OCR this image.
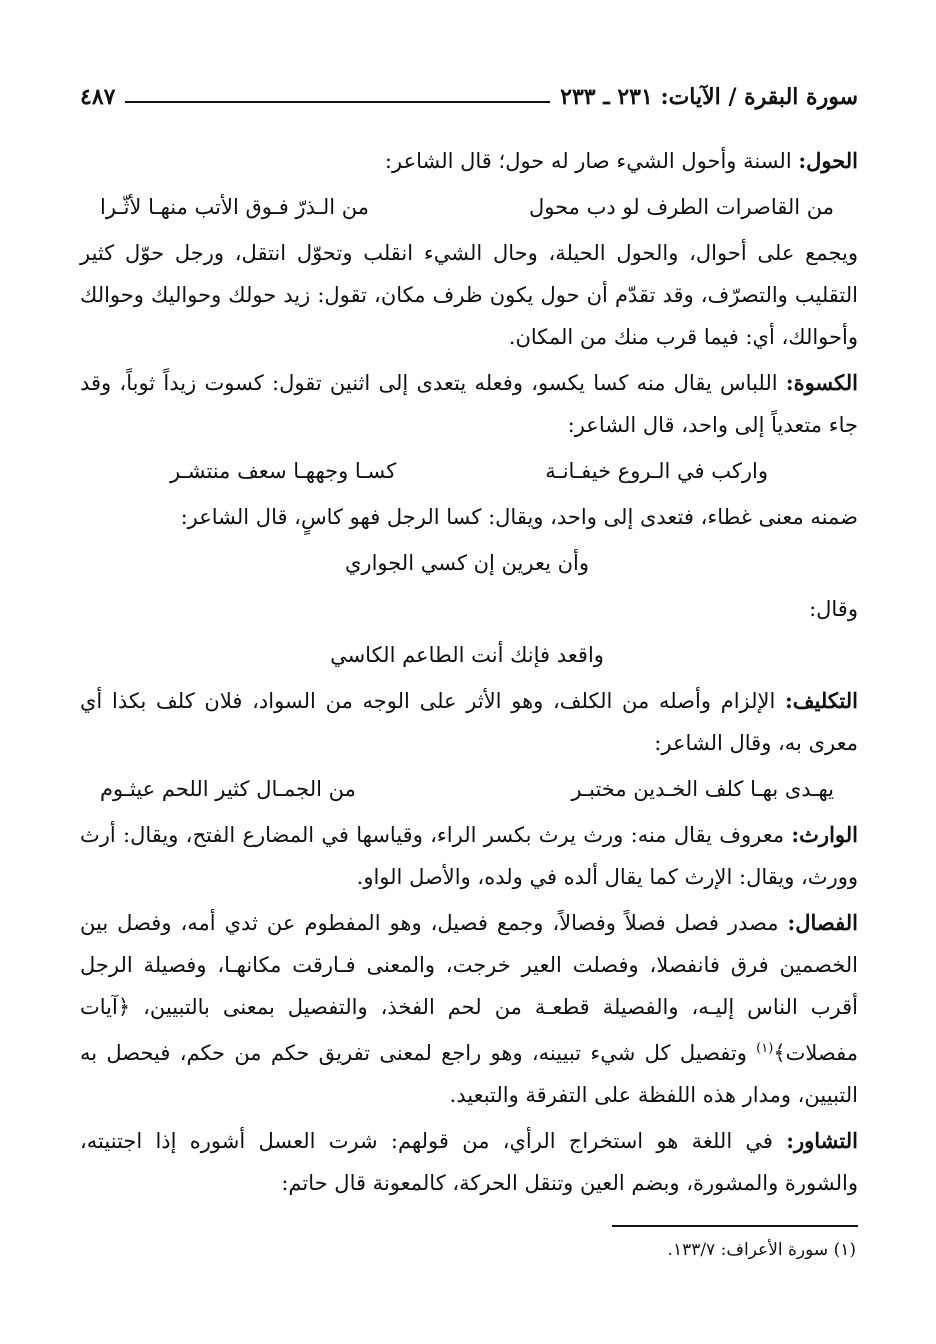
سورة البقرة / الآيات: ٢٣١ ـ ٢٣٣
٤٨٧

الحول: السنة وأحول الشيء صار له حول؛ قال الشاعر:

من القاصرات الطرف لو دب محول
من الـذرّ فـوق الأتب منهـا لأثّـرا

ويجمع على أحوال، والحول الحيلة، وحال الشيء انقلب وتحوّل انتقل، ورجل حوّل كثير التقليب والتصرّف، وقد تقدّم أن حول يكون ظرف مكان، تقول: زيد حولك وحواليك وحوالك وأحوالك، أي: فيما قرب منك من المكان.

الكسوة: اللباس يقال منه كسا يكسو، وفعله يتعدى إلى اثنين تقول: كسوت زيداً ثوباً، وقد جاء متعدياً إلى واحد، قال الشاعر:

واركب في الـروع خيفـانـة
كسـا وجههـا سعف منتشـر

ضمنه معنى غطاء، فتعدى إلى واحد، ويقال: كسا الرجل فهو كاسٍ، قال الشاعر:

وأن يعرين إن كسي الجواري

وقال:

واقعد فإنك أنت الطاعم الكاسي

التكليف: الإلزام وأصله من الكلف، وهو الأثر على الوجه من السواد، فلان كلف بكذا أي معرى به، وقال الشاعر:

يهـدى بهـا كلف الخـدين مختبـر
من الجمـال كثير اللحم عيثـوم

الوارث: معروف يقال منه: ورث يرث بكسر الراء، وقياسها في المضارع الفتح، ويقال: أرث وورث، ويقال: الإرث كما يقال ألده في ولده، والأصل الواو.

الفصال: مصدر فصل فصلاً وفصالاً، وجمع فصيل، وهو المفطوم عن ثدي أمه، وفصل بين الخصمين فرق فانفصلا، وفصلت العير خرجت، والمعنى فـارقت مكانهـا، وفصيلة الرجل أقرب الناس إليـه، والفصيلة قطعـة من لحم الفخذ، والتفصيل بمعنى بالتبيين، ﴿آيات مفصلات﴾$^{(١)}$ وتفصيل كل شيء تبيينه، وهو راجع لمعنى تفريق حكم من حكم، فيحصل به التبيين، ومدار هذه اللفظة على التفرقة والتبعيد.

التشاور: في اللغة هو استخراج الرأي، من قولهم: شرت العسل أشوره إذا اجتنيته، والشورة والمشورة، وبضم العين وتنقل الحركة، كالمعونة قال حاتم:

(١) سورة الأعراف: ١٣٣/٧.
